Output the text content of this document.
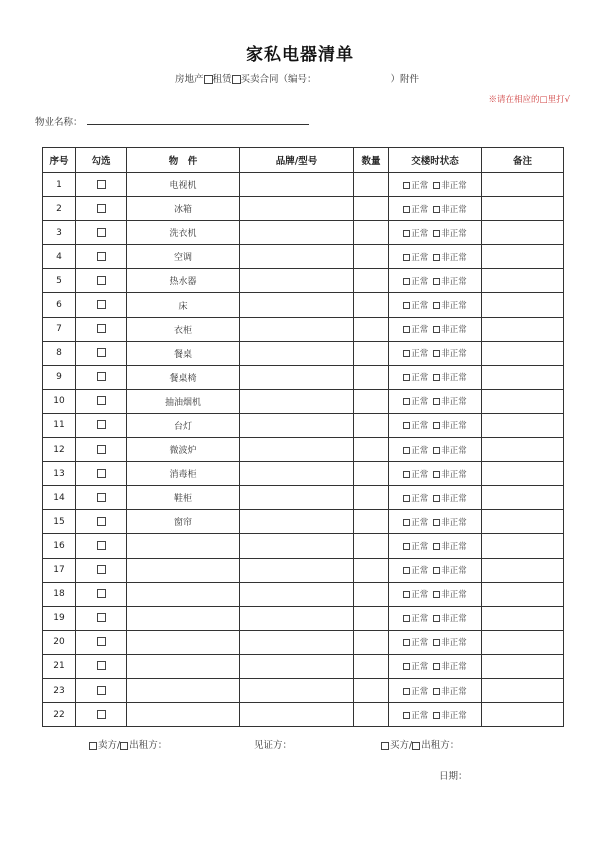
家私电器清单
房地产 租赁 买卖合同（编号：	）附件
※请在相应的□里打√
物业名称：
序号	勾选	物　件	品牌/型号	数量	交楼时状态	备注
1		电视机			正常 非正常	
2		冰箱			正常 非正常	
3		洗衣机			正常 非正常	
4		空调			正常 非正常	
5		热水器			正常 非正常	
6		床			正常 非正常	
7		衣柜			正常 非正常	
8		餐桌			正常 非正常	
9		餐桌椅			正常 非正常	
10		抽油烟机			正常 非正常	
11		台灯			正常 非正常	
12		微波炉			正常 非正常	
13		消毒柜			正常 非正常	
14		鞋柜			正常 非正常	
15		窗帘			正常 非正常	
16					正常 非正常	
17					正常 非正常	
18					正常 非正常	
19					正常 非正常	
20					正常 非正常	
21					正常 非正常	
23					正常 非正常	
22					正常 非正常	
卖方/ 出租方：	见证方：	买方/ 出租方：
日期：
